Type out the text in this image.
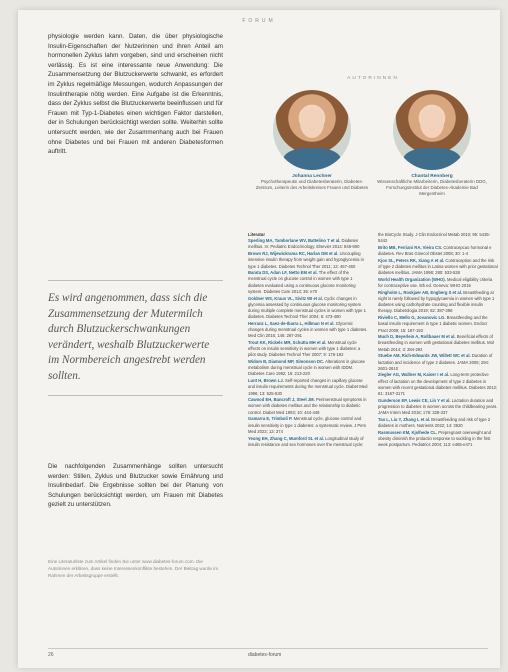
FORUM
physiologie werden kann. Daten, die über physiologische Insulin-Eigenschaften der Nutzerinnen und ihren Anteil am hormonellen Zyklus lahm vorgeben, sind und erscheinen nicht verlässig. Es ist eine interessante neue Anwendung: Die Zusammensetzung der Blutzuckerwerte schwankt, es erfordert im Zyklus regelmäßige Messungen, wodurch Anpassungen der Insulintherapie nötig werden. Eine Aufgabe ist die Erkenntnis, dass der Zyklus selbst die Blutzuckerwerte beeinflussen und für Frauen mit Typ-1-Diabetes einen wichtigen Faktor darstellen, der in Schulungen berücksichtigt werden sollte. Weiterhin sollte untersucht werden, wie der Zusammenhang auch bei Frauen ohne Diabetes und bei Frauen mit anderen Diabetesformen auftritt.
Es wird angenommen, dass sich die Zusammensetzung der Mutermilch durch Blutzuckerschwankungen verändert, weshalb Blutzuckerwerte im Normbereich angestrebt werden sollten.
Die nachfolgenden Zusammenhänge sollten untersucht werden: Stillen, Zyklus und Blutzucker sowie Ernährung und Insulinbedarf. Die Ergebnisse sollten bei der Planung von Schulungen berücksichtigt werden, um Frauen mit Diabetes gezielt zu unterstützen.
Eine Literaturliste zum Artikel finden Sie unter www.diabetes-forum.com. Die Autorinnen erklären, dass keine Interessenkonflikte bestehen. Der Beitrag wurde im Rahmen der Arbeitsgruppe erstellt.
AUTORINNEN
Johanna Lechner
Psychotherapeutin und Diabetesberaterin, Diabetes-Zentrum, Leiterin des Arbeitskreises Frauen und Diabetes
Chantal Rennberg
Wissenschaftliche Mitarbeiterin, Diabetesberaterin DDG, Forschungsinstitut der Diabetes-Akademie Bad Mergentheim
Literatur
Sperling MA, Tamborlane WV, Battelino T et al. Diabetes mellitus. In: Pediatric Endocrinology. Elsevier 2014: 846-900
Brown RJ, Wijewickrama RC, Harlan DM et al. Uncoupling intensive insulin therapy from weight gain and hypoglycemia in type 1 diabetes. Diabetes Technol Ther 2011; 13: 457-460
Barata DS, Adan LF, Netto EM et al. The effect of the menstrual cycle on glucose control in women with type 1 diabetes evaluated using a continuous glucose monitoring system. Diabetes Care 2013; 36: e70
Goldner WS, Kraus VL, Sivitz WI et al. Cyclic changes in glycemia assessed by continuous glucose monitoring system during multiple complete menstrual cycles in women with type 1 diabetes. Diabetes Technol Ther 2004; 6: 473-480
Herranz L, Saez-de-Ibarra L, Hillman N et al. Glycemic changes during menstrual cycles in women with type 1 diabetes. Med Clin 2016; 146: 287-291
Trout KK, Rickels MR, Schutta MH et al. Menstrual cycle effects on insulin sensitivity in women with type 1 diabetes: a pilot study. Diabetes Technol Ther 2007; 9: 176-182
Widom B, Diamond MP, Simonson DC. Alterations in glucose metabolism during menstrual cycle in women with IDDM. Diabetes Care 1992; 15: 213-220
Lunt H, Brown LJ. Self-reported changes in capillary glucose and insulin requirements during the menstrual cycle. Diabet Med 1996; 13: 525-530
Cawood EH, Bancroft J, Steel JM. Perimenstrual symptoms in women with diabetes mellitus and the relationship to diabetic control. Diabet Med 1993; 10: 444-448
Gamarra E, Trimboli P. Menstrual cycle, glucose control and insulin sensitivity in type 1 diabetes: a systematic review. J Pers Med 2023; 13: 374
Yeung EH, Zhang C, Mumford SL et al. Longitudinal study of insulin resistance and sex hormones over the menstrual cycle: the BioCycle Study. J Clin Endocrinol Metab 2010; 95: 5435-5442
Brito MB, Ferriani RA, Vieira CS. Contracepcao hormonal e diabetes. Rev Bras Ginecol Obstet 2008; 30: 1-4
Kjos SL, Peters RK, Xiang A et al. Contraception and the risk of type 2 diabetes mellitus in Latina women with prior gestational diabetes mellitus. JAMA 1998; 280: 533-538
World Health Organization (WHO). Medical eligibility criteria for contraceptive use. 5th ed. Geneva: WHO 2015
Ringholm L, Roskjaer AB, Engberg S et al. Breastfeeding at night is rarely followed by hypoglycaemia in women with type 1 diabetes using carbohydrate counting and flexible insulin therapy. Diabetologia 2019; 62: 387-398
Riviello C, Mello G, Jovanovic LG. Breastfeeding and the basal insulin requirement in type 1 diabetic women. Endocr Pract 2009; 15: 187-193
Much D, Beyerlein A, Roßbauer M et al. Beneficial effects of breastfeeding in women with gestational diabetes mellitus. Mol Metab 2014; 3: 284-292
Stuebe AM, Rich-Edwards JW, Willett WC et al. Duration of lactation and incidence of type 2 diabetes. JAMA 2005; 294: 2601-2610
Ziegler AG, Wallner M, Kaiser I et al. Long-term protective effect of lactation on the development of type 2 diabetes in women with recent gestational diabetes mellitus. Diabetes 2012; 61: 3167-3171
Gunderson EP, Lewis CE, Lin Y et al. Lactation duration and progression to diabetes in women across the childbearing years. JAMA Intern Med 2018; 178: 328-337
Tao L, Liu Y, Zhang L et al. Breastfeeding and risk of type 2 diabetes in mothers. Nutrients 2022; 14: 3620
Rasmussen KM, Kjolhede CL. Prepregnant overweight and obesity diminish the prolactin response to suckling in the first week postpartum. Pediatrics 2004; 113: e465-e471
26	diabetes-forum
